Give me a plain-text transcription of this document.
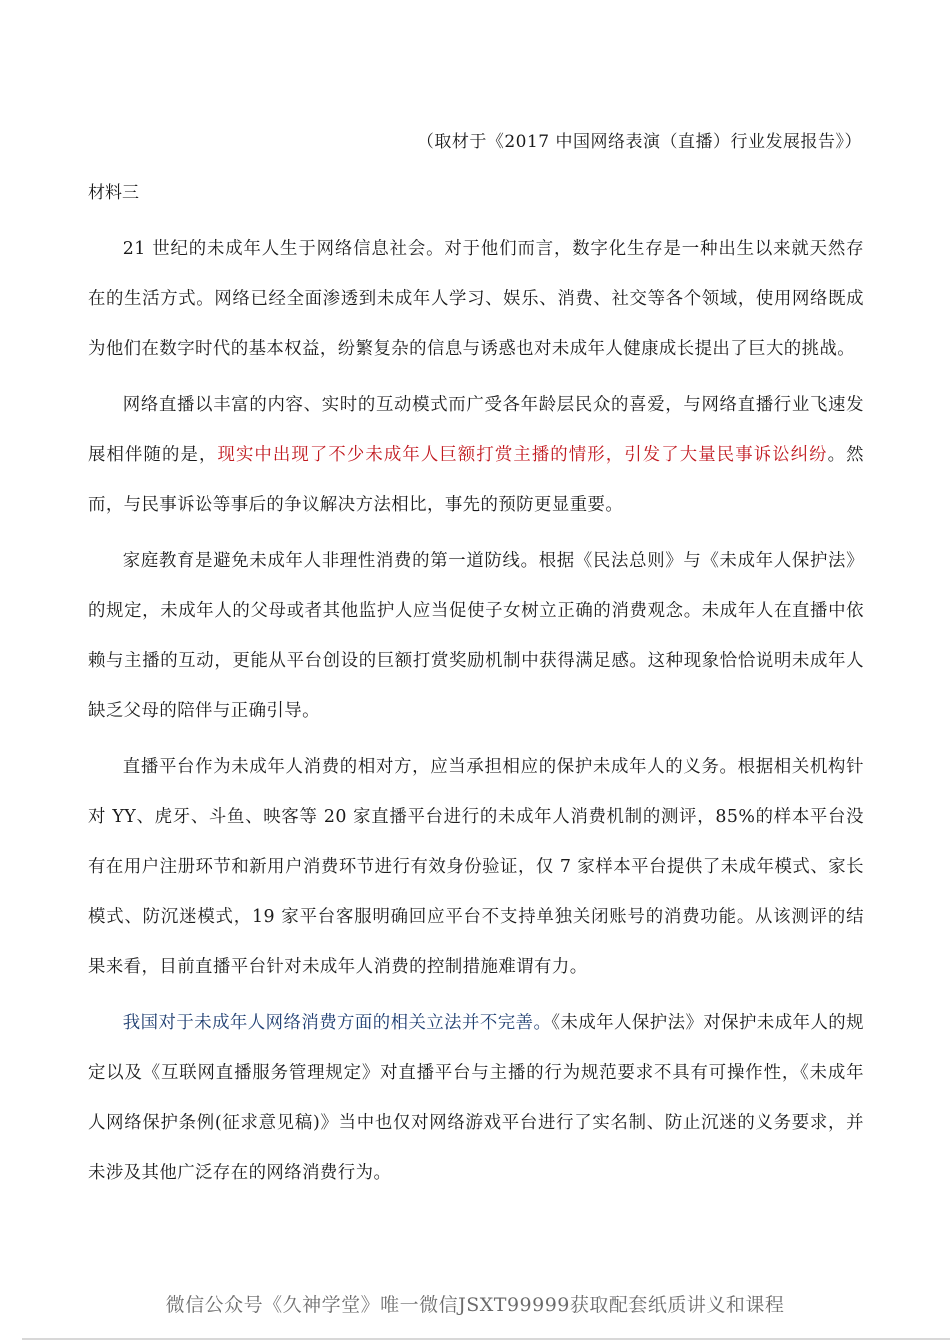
（取材于《2017 中国网络表演（直播）行业发展报告》）
材料三

21 世纪的未成年人生于网络信息社会。对于他们而言，数字化生存是一种出生以来就天然存在的生活方式。网络已经全面渗透到未成年人学习、娱乐、消费、社交等各个领域，使用网络既成为他们在数字时代的基本权益，纷繁复杂的信息与诱惑也对未成年人健康成长提出了巨大的挑战。

网络直播以丰富的内容、实时的互动模式而广受各年龄层民众的喜爱，与网络直播行业飞速发展相伴随的是，现实中出现了不少未成年人巨额打赏主播的情形，引发了大量民事诉讼纠纷。然而，与民事诉讼等事后的争议解决方法相比，事先的预防更显重要。

家庭教育是避免未成年人非理性消费的第一道防线。根据《民法总则》与《未成年人保护法》的规定，未成年人的父母或者其他监护人应当促使子女树立正确的消费观念。未成年人在直播中依赖与主播的互动，更能从平台创设的巨额打赏奖励机制中获得满足感。这种现象恰恰说明未成年人缺乏父母的陪伴与正确引导。

直播平台作为未成年人消费的相对方，应当承担相应的保护未成年人的义务。根据相关机构针对 YY、虎牙、斗鱼、映客等 20 家直播平台进行的未成年人消费机制的测评，85%的样本平台没有在用户注册环节和新用户消费环节进行有效身份验证，仅 7 家样本平台提供了未成年模式、家长模式、防沉迷模式，19 家平台客服明确回应平台不支持单独关闭账号的消费功能。从该测评的结果来看，目前直播平台针对未成年人消费的控制措施难谓有力。

我国对于未成年人网络消费方面的相关立法并不完善。《未成年人保护法》对保护未成年人的规定以及《互联网直播服务管理规定》对直播平台与主播的行为规范要求不具有可操作性，《未成年人网络保护条例(征求意见稿)》当中也仅对网络游戏平台进行了实名制、防止沉迷的义务要求，并未涉及其他广泛存在的网络消费行为。

微信公众号《久神学堂》唯一微信JSXT99999获取配套纸质讲义和课程
